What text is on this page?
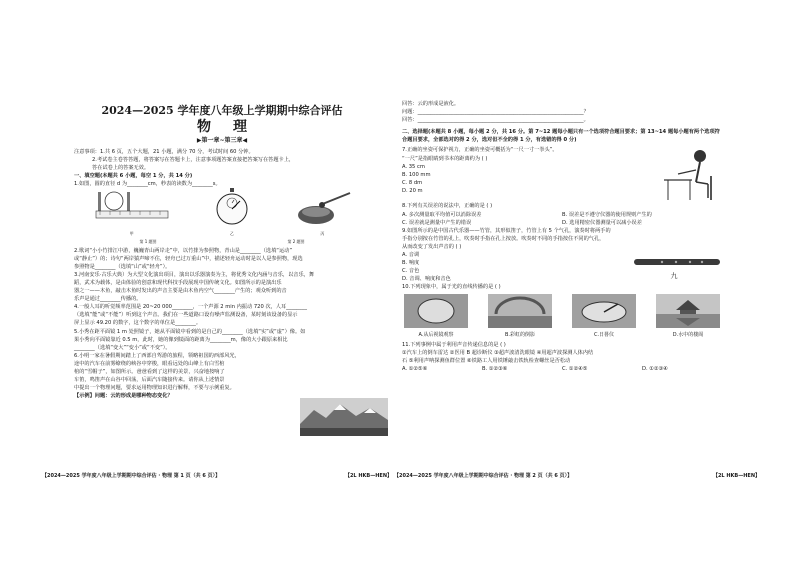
2024—2025 学年度八年级上学期期中综合评估
物理
▶第一章~第三章◀

注意事项：1.共 6 页，五个大题，21 小题，满分 70 分，考试时间 60 分钟。

2.考试卷主卷答答题，将答案写在答题卡上，注意事项题答案直接把答案写在答题卡上，

答在试卷上的答案无效。

一、填空题(本题共 6 小题，每空 1 分，共 14 分)

1.如图，圆的直径 d 为________cm，秒表的读数为________s。

甲	乙	丙
第 1 题图	第 2 题图

2.歌词“小小竹排江中游，巍巍青山两岸走”中，以竹排为参照物，青山是________（选填“运动”

或“静止”）的；诗句“两岸猿声啼不住，轻舟已过万重山”中，描述轻舟运动时是以人是参照物，现选

参照物是________（选填“山”或“轻舟”）。

3.河南安乐·古乐大典）为大型文化演出项目，演出以乐器演奏为主，将优秀文化内涵与音乐，以音乐，舞

蹈，武术为载体，是由体验的创意和现代科技手段展现中国传统文化。如图所示的是演出乐

器之一——木鱼，敲击木鱼时发出的声音主要是由木鱼内空气________产生的；观众听到的音

乐声是通过________传播的。

4.一般人耳的听觉频率范围是 20~20 000________，一个声源 2 min 内振动 720 次，人耳________

（选填“能”或“不能”）听到这个声音。我们在一些道路口设有噪声监测设备，某时刻该设备的显示

屏上显示 49.20 的数字，这个数字的单位是________。

5.小秀在距平面镜 1 m 处照镜子，她从平面镜中看到的是自己的________（选填“实”或“虚”）像。如

果小秀向平面镜靠近 0.5 m，此时，她的像到镜面的距离为________m，像的大小跟原来相比

________（选填“变大”“变小”或“不变”）。

6.小明一家在暑假期间踏上了西部自驾游的旅程，领略祖国的西部风光，

途中的汽车在前雾缭绕的峡谷中穿梭，眼看远处的山峰上有白雪棺

棺的“雪帽子”，如图所示。爸爸看到了这样的美景，兴奋地按响了

车笛，鸣笛声在山谷中回荡，后面汽车随接传来。请你从上述情景

中提出一个物理问题，要求运用物理知识进行解释，不要与示例重复。

【示例】问题：云的形成是哪种物态变化？

【2024—2025 学年度八年级上学期期中综合评估 · 物理 第 1 页（共 6 页）】	【2L HKB—HEN】

回答：云的形成是液化。

问题：________________________________________________________________？

回答：________________________________________________________________。

二、选择题(本题共 8 小题，每小题 2 分，共 16 分。第 7~12 题每小题只有一个选项符合题目要求；第 13~14 题每小题有两个选项符合题目要求，全部选对的得 2 分，选对但不全的得 1 分，有选错的得 0 分)

7.正确的坐姿可保护视力，正确的坐姿可概括为“一尺一寸一拳头”。

“一尺”是指眼睛到书本的距离约为 ( )

A. 35 cm

B. 100 mm

C. 8 dm

D. 20 m

8.下列有关误差的说法中，正确的是 ( )

A. 多次测量取平均值可以消除误差	B. 误差是不遵守仪器的使用规则产生的
C. 误差就是测量中产生的错误	D. 选用精密仪器测量可以减小误差

9.如图所示的是中国古代乐器——竹管，其形似笛子，竹管上有 5 个气孔，演奏时将两手的

手指分别按在竹管的孔上，吹奏时手指在孔上按放。吹奏时不同的手指按住不同的气孔，

从而改变了发出声音的 ( )

A. 音调

B. 响度

C. 音色

D. 音调、响度和音色	九

10.下列现象中，属于光的直线传播的是 ( )

A.从后视镜观察	B.彩虹的倒影	C.日晷仪	D.水中的楼阁

11.下列事例中属于利用声音传递信息的是 ( )

①汽车上的倒车雷达 ②医用 B 超诊断仪 ③超声波清洗眼镜 ④用超声波探测人体内结

石 ⑤利用声呐探测鱼群位置 ⑥铁路工人用铁锤敲击铁轨检查螺丝是否松动

A. ①②⑤⑥	B. ①②③⑥	C. ①②④⑤	D. ①②③④
【2024—2025 学年度八年级上学期期中综合评估 · 物理 第 2 页（共 6 页）】	【2L HKB—HEN】
